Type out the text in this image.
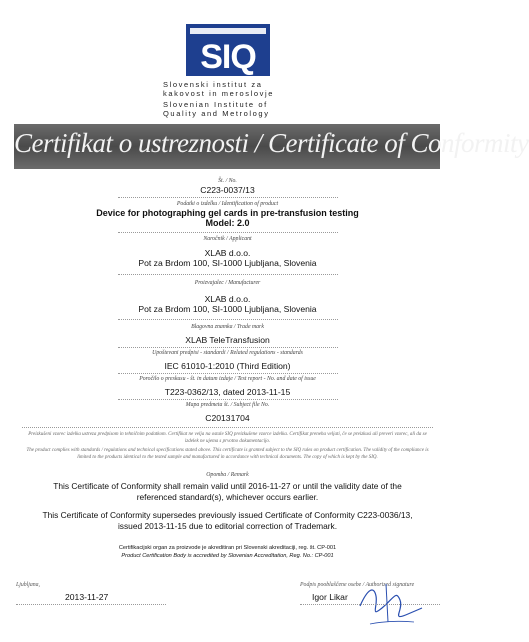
SIQ
Slovenski institut za
kakovost in meroslovje
Slovenian Institute of
Quality and Metrology
Certifikat o ustreznosti / Certificate of Conformity
Št. / No.
C223-0037/13
Podatki o izdelku / Identification of product
Device for photographing gel cards in pre-transfusion testing
Model: 2.0
Naročnik / Applicant
XLAB d.o.o.
Pot za Brdom 100, SI-1000 Ljubljana, Slovenia
Proizvajalec / Manufacturer
XLAB d.o.o.
Pot za Brdom 100, SI-1000 Ljubljana, Slovenia
Blagovna znamka / Trade mark
XLAB TeleTransfusion
Upoštevani predpisi - standardi / Related regulations - standards
IEC 61010-1:2010 (Third Edition)
Poročilo o preskusu - št. in datum izdaje / Test report - No. and date of issue
T223-0362/13, dated 2013-11-15
Mapa predmeta št. / Subject file No.
C20131704
Preizkušeni vzorec izdelka ustreza predpisom in tehničnim podatkom. Certifikat ne velja na ostale SIQ preizkušene vzorce izdelka. Certifikat preneha veljati, če se preizkusi ali preveri vzorec, ali da se izdelek ne ujema s prvotno dokumentacijo.
The product complies with standards / regulations and technical specifications stated above. This certificate is granted subject to the SIQ rules on product certification. The validity of the compliance is limited to the products identical to the tested sample and manufactured in accordance with technical documents. The copy of which is kept by the SIQ.
Opomba / Remark
This Certificate of Conformity shall remain valid until 2016-11-27 or until the validity date of the referenced standard(s), whichever occurs earlier.
This Certificate of Conformity supersedes previously issued Certificate of Conformity C223-0036/13, issued 2013-11-15 due to editorial correction of Trademark.
Certifikacijski organ za proizvode je akreditiran pri Slovenski akreditaciji, reg. št. CP-001
Product Certification Body is accredited by Slovenian Accreditation, Reg. No.: CP-001
Ljubljana,
2013-11-27
Podpis pooblaščene osebe / Authorized signature
Igor Likar
